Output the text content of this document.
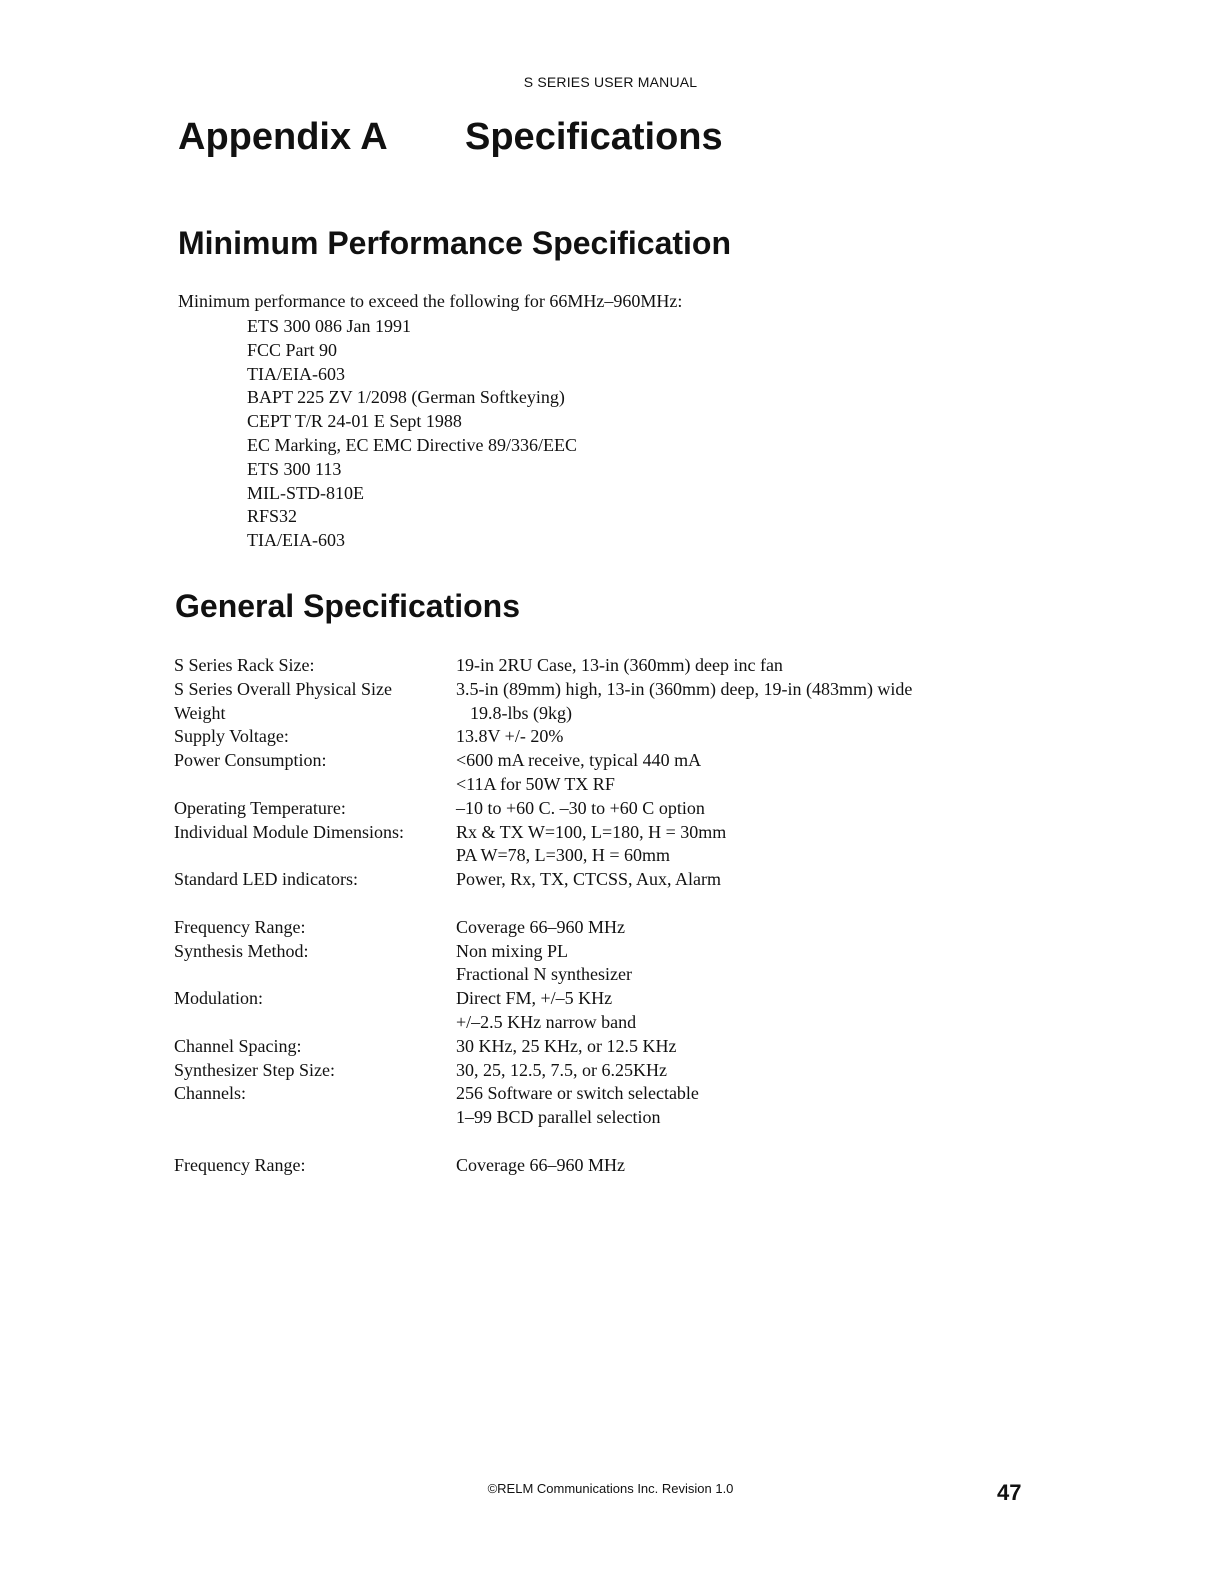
S SERIES USER MANUAL
Appendix A Specifications
Minimum Performance Specification
Minimum performance to exceed the following for 66MHz–960MHz:
ETS 300 086 Jan 1991
FCC Part 90
TIA/EIA-603
BAPT 225 ZV 1/2098 (German Softkeying)
CEPT T/R 24-01 E Sept 1988
EC Marking, EC EMC Directive 89/336/EEC
ETS 300 113
MIL-STD-810E
RFS32
TIA/EIA-603
General Specifications
S Series Rack Size:	19-in 2RU Case, 13-in (360mm) deep inc fan
S Series Overall Physical Size	3.5-in (89mm) high, 13-in (360mm) deep, 19-in (483mm) wide
Weight	19.8-lbs (9kg)
Supply Voltage:	13.8V +/- 20%
Power Consumption:	<600 mA receive, typical 440 mA
	<11A for 50W TX RF
Operating Temperature:	–10 to +60 C. –30 to +60 C option
Individual Module Dimensions:	Rx & TX W=100, L=180, H = 30mm
	PA W=78, L=300, H = 60mm
Standard LED indicators:	Power, Rx, TX, CTCSS, Aux, Alarm

Frequency Range:	Coverage 66–960 MHz
Synthesis Method:	Non mixing PL
	Fractional N synthesizer
Modulation:	Direct FM, +/–5 KHz
	+/–2.5 KHz narrow band
Channel Spacing:	30 KHz, 25 KHz, or 12.5 KHz
Synthesizer Step Size:	30, 25, 12.5, 7.5, or 6.25KHz
Channels:	256 Software or switch selectable
	1–99 BCD parallel selection

Frequency Range:	Coverage 66–960 MHz
©RELM Communications Inc. Revision 1.0	47
